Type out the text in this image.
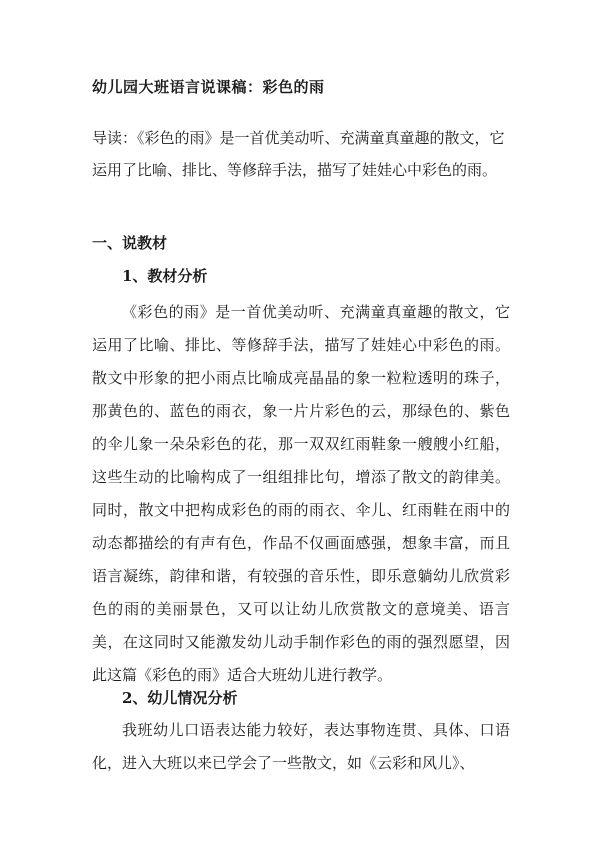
幼儿园大班语言说课稿：彩色的雨
导读：《彩色的雨》是一首优美动听、充满童真童趣的散文，它运用了比喻、排比、等修辞手法，描写了娃娃心中彩色的雨。
一、说教材
1、教材分析
《彩色的雨》是一首优美动听、充满童真童趣的散文，它运用了比喻、排比、等修辞手法，描写了娃娃心中彩色的雨。散文中形象的把小雨点比喻成亮晶晶的象一粒粒透明的珠子，那黄色的、蓝色的雨衣，象一片片彩色的云，那绿色的、紫色的伞儿象一朵朵彩色的花，那一双双红雨鞋象一艘艘小红船，这些生动的比喻构成了一组组排比句，增添了散文的韵律美。同时，散文中把构成彩色的雨的雨衣、伞儿、红雨鞋在雨中的动态都描绘的有声有色，作品不仅画面感强，想象丰富，而且语言凝练，韵律和谐，有较强的音乐性，即乐意躺幼儿欣赏彩色的雨的美丽景色，又可以让幼儿欣赏散文的意境美、语言美，在这同时又能激发幼儿动手制作彩色的雨的强烈愿望，因此这篇《彩色的雨》适合大班幼儿进行教学。
2、幼儿情况分析
我班幼儿口语表达能力较好，表达事物连贯、具体、口语化，进入大班以来已学会了一些散文，如《云彩和风儿》、
